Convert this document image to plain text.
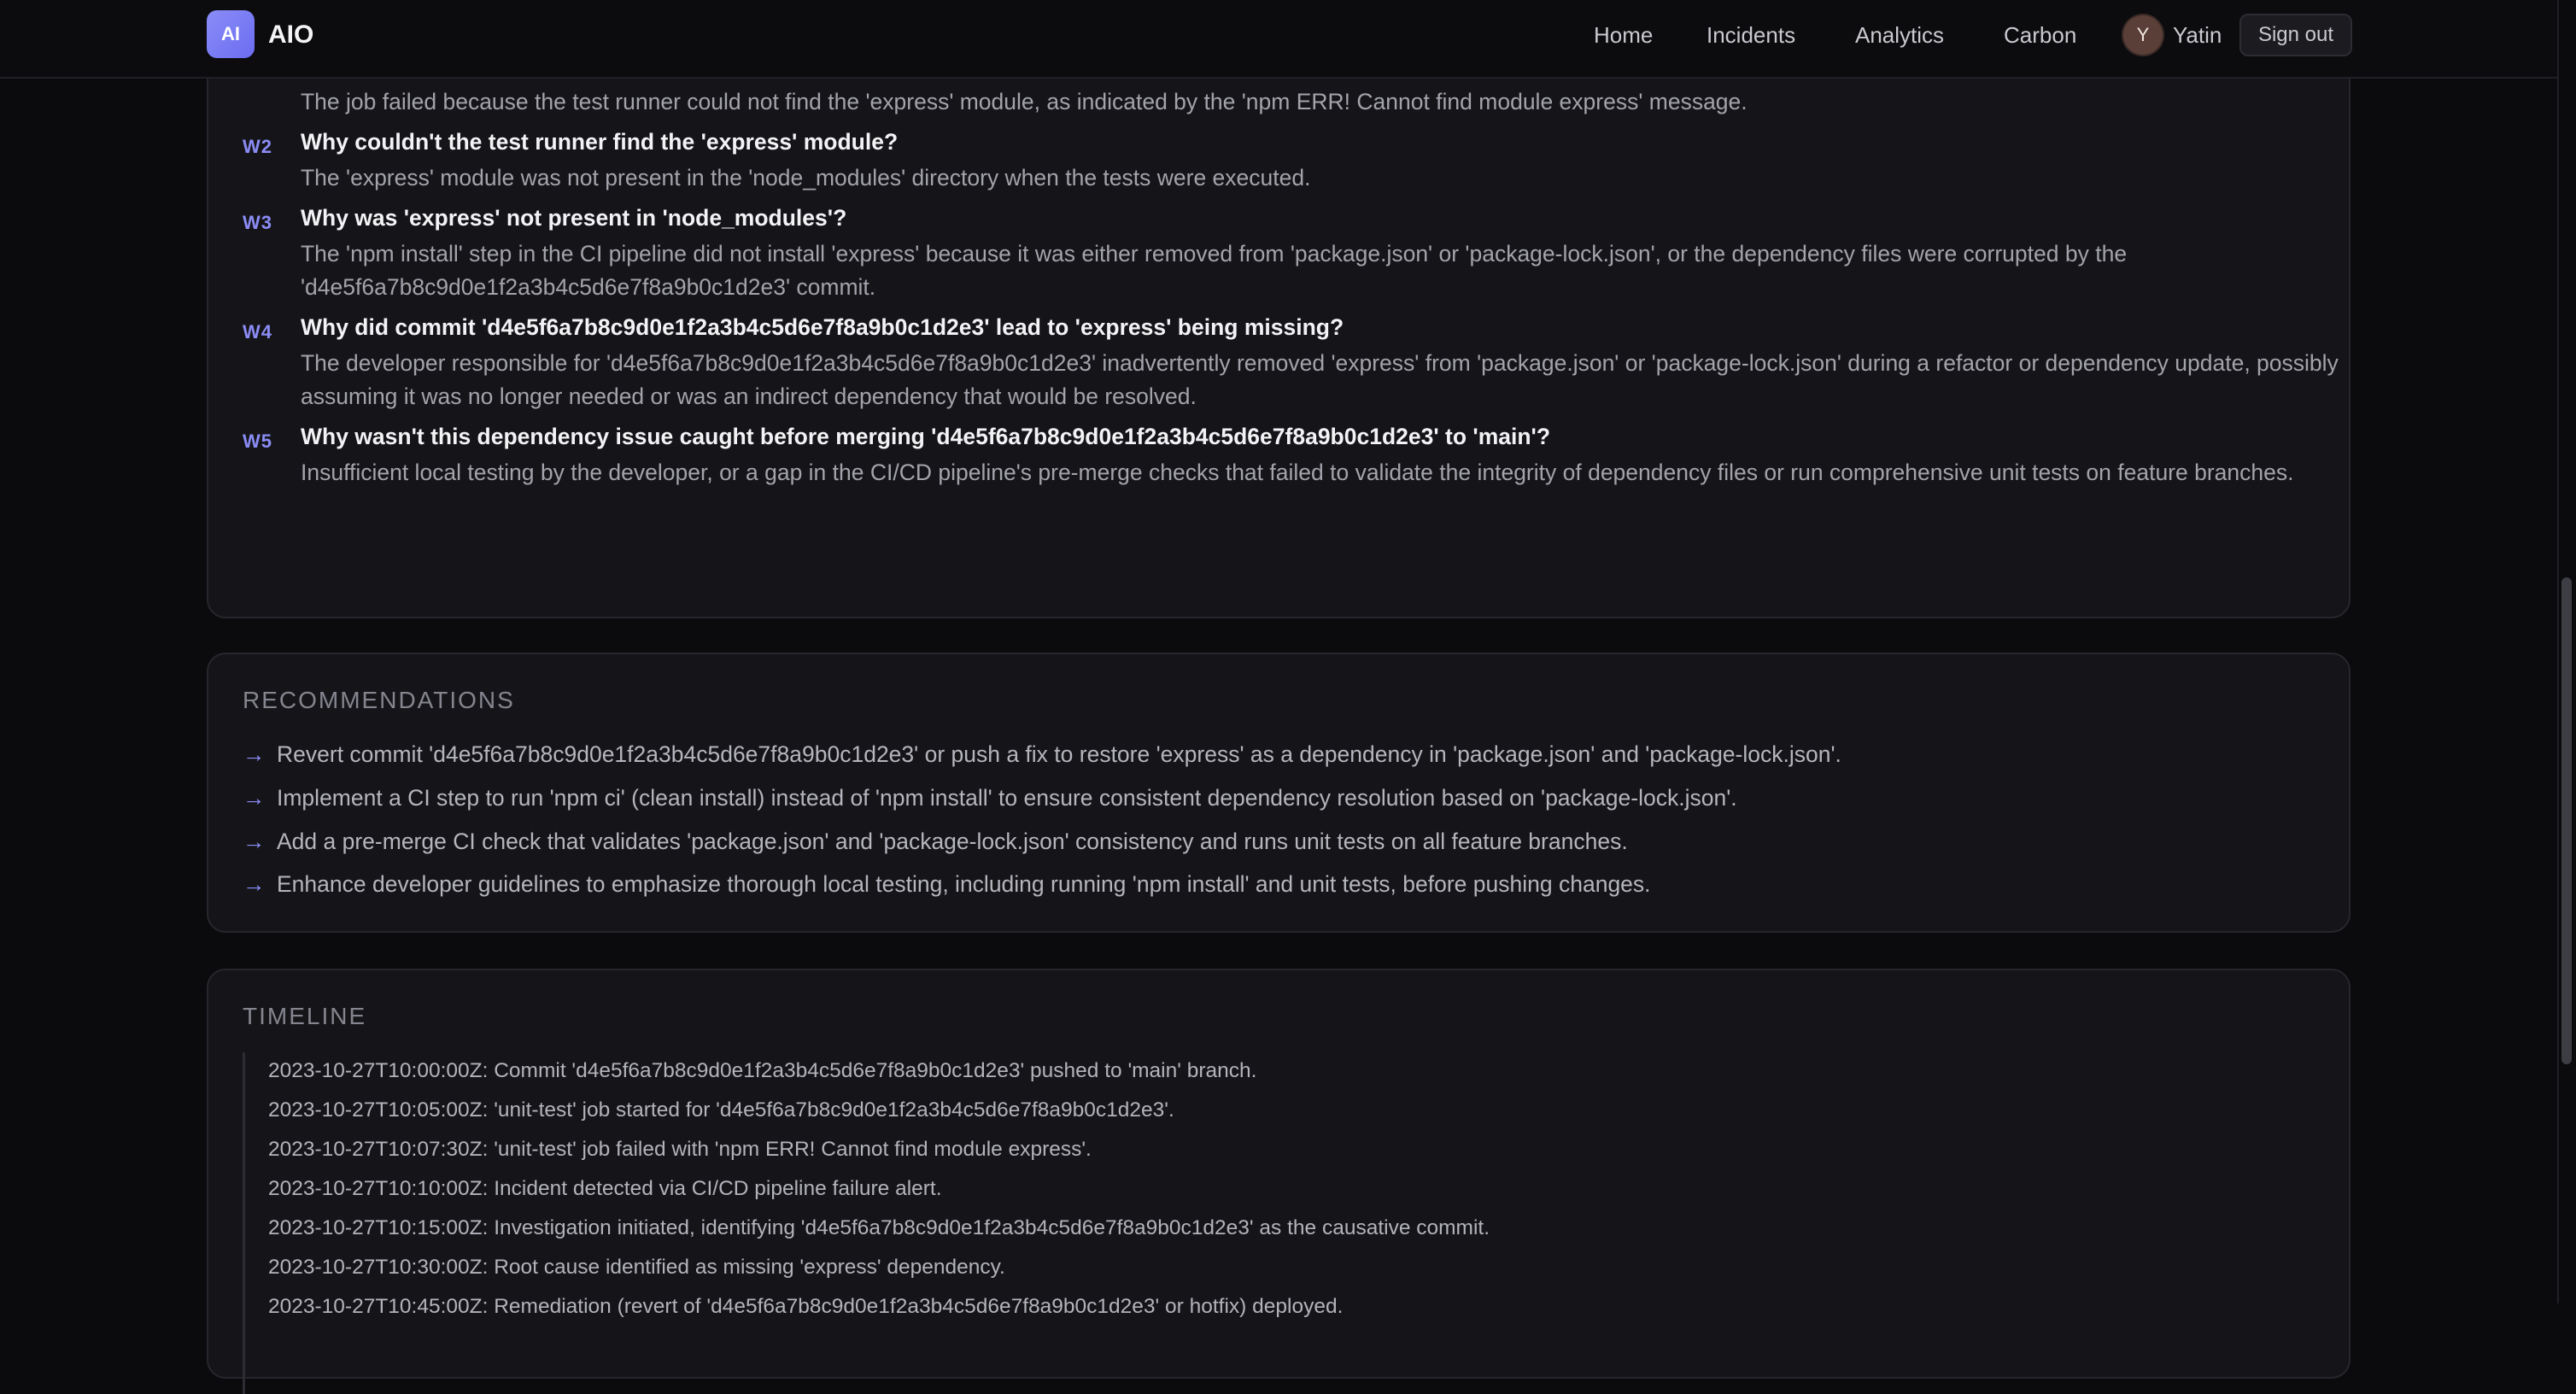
The job failed because the test runner could not find the 'express' module, as indicated by the 'npm ERR! Cannot find module express' message.
W2 Why couldn't the test runner find the 'express' module?
The 'express' module was not present in the 'node_modules' directory when the tests were executed.
W3 Why was 'express' not present in 'node_modules'?
The 'npm install' step in the CI pipeline did not install 'express' because it was either removed from 'package.json' or 'package-lock.json', or the dependency files were corrupted by the 'd4e5f6a7b8c9d0e1f2a3b4c5d6e7f8a9b0c1d2e3' commit.
W4 Why did commit 'd4e5f6a7b8c9d0e1f2a3b4c5d6e7f8a9b0c1d2e3' lead to 'express' being missing?
The developer responsible for 'd4e5f6a7b8c9d0e1f2a3b4c5d6e7f8a9b0c1d2e3' inadvertently removed 'express' from 'package.json' or 'package-lock.json' during a refactor or dependency update, possibly assuming it was no longer needed or was an indirect dependency that would be resolved.
W5 Why wasn't this dependency issue caught before merging 'd4e5f6a7b8c9d0e1f2a3b4c5d6e7f8a9b0c1d2e3' to 'main'?
Insufficient local testing by the developer, or a gap in the CI/CD pipeline's pre-merge checks that failed to validate the integrity of dependency files or run comprehensive unit tests on feature branches.
RECOMMENDATIONS
→ Revert commit 'd4e5f6a7b8c9d0e1f2a3b4c5d6e7f8a9b0c1d2e3' or push a fix to restore 'express' as a dependency in 'package.json' and 'package-lock.json'.
→ Implement a CI step to run 'npm ci' (clean install) instead of 'npm install' to ensure consistent dependency resolution based on 'package-lock.json'.
→ Add a pre-merge CI check that validates 'package.json' and 'package-lock.json' consistency and runs unit tests on all feature branches.
→ Enhance developer guidelines to emphasize thorough local testing, including running 'npm install' and unit tests, before pushing changes.
TIMELINE
2023-10-27T10:00:00Z: Commit 'd4e5f6a7b8c9d0e1f2a3b4c5d6e7f8a9b0c1d2e3' pushed to 'main' branch.
2023-10-27T10:05:00Z: 'unit-test' job started for 'd4e5f6a7b8c9d0e1f2a3b4c5d6e7f8a9b0c1d2e3'.
2023-10-27T10:07:30Z: 'unit-test' job failed with 'npm ERR! Cannot find module express'.
2023-10-27T10:10:00Z: Incident detected via CI/CD pipeline failure alert.
2023-10-27T10:15:00Z: Investigation initiated, identifying 'd4e5f6a7b8c9d0e1f2a3b4c5d6e7f8a9b0c1d2e3' as the causative commit.
2023-10-27T10:30:00Z: Root cause identified as missing 'express' dependency.
2023-10-27T10:45:00Z: Remediation (revert of 'd4e5f6a7b8c9d0e1f2a3b4c5d6e7f8a9b0c1d2e3' or hotfix) deployed.
AI	AIO	Home Incidents	Analytics	Carbon	Y	Yatin	Sign out
